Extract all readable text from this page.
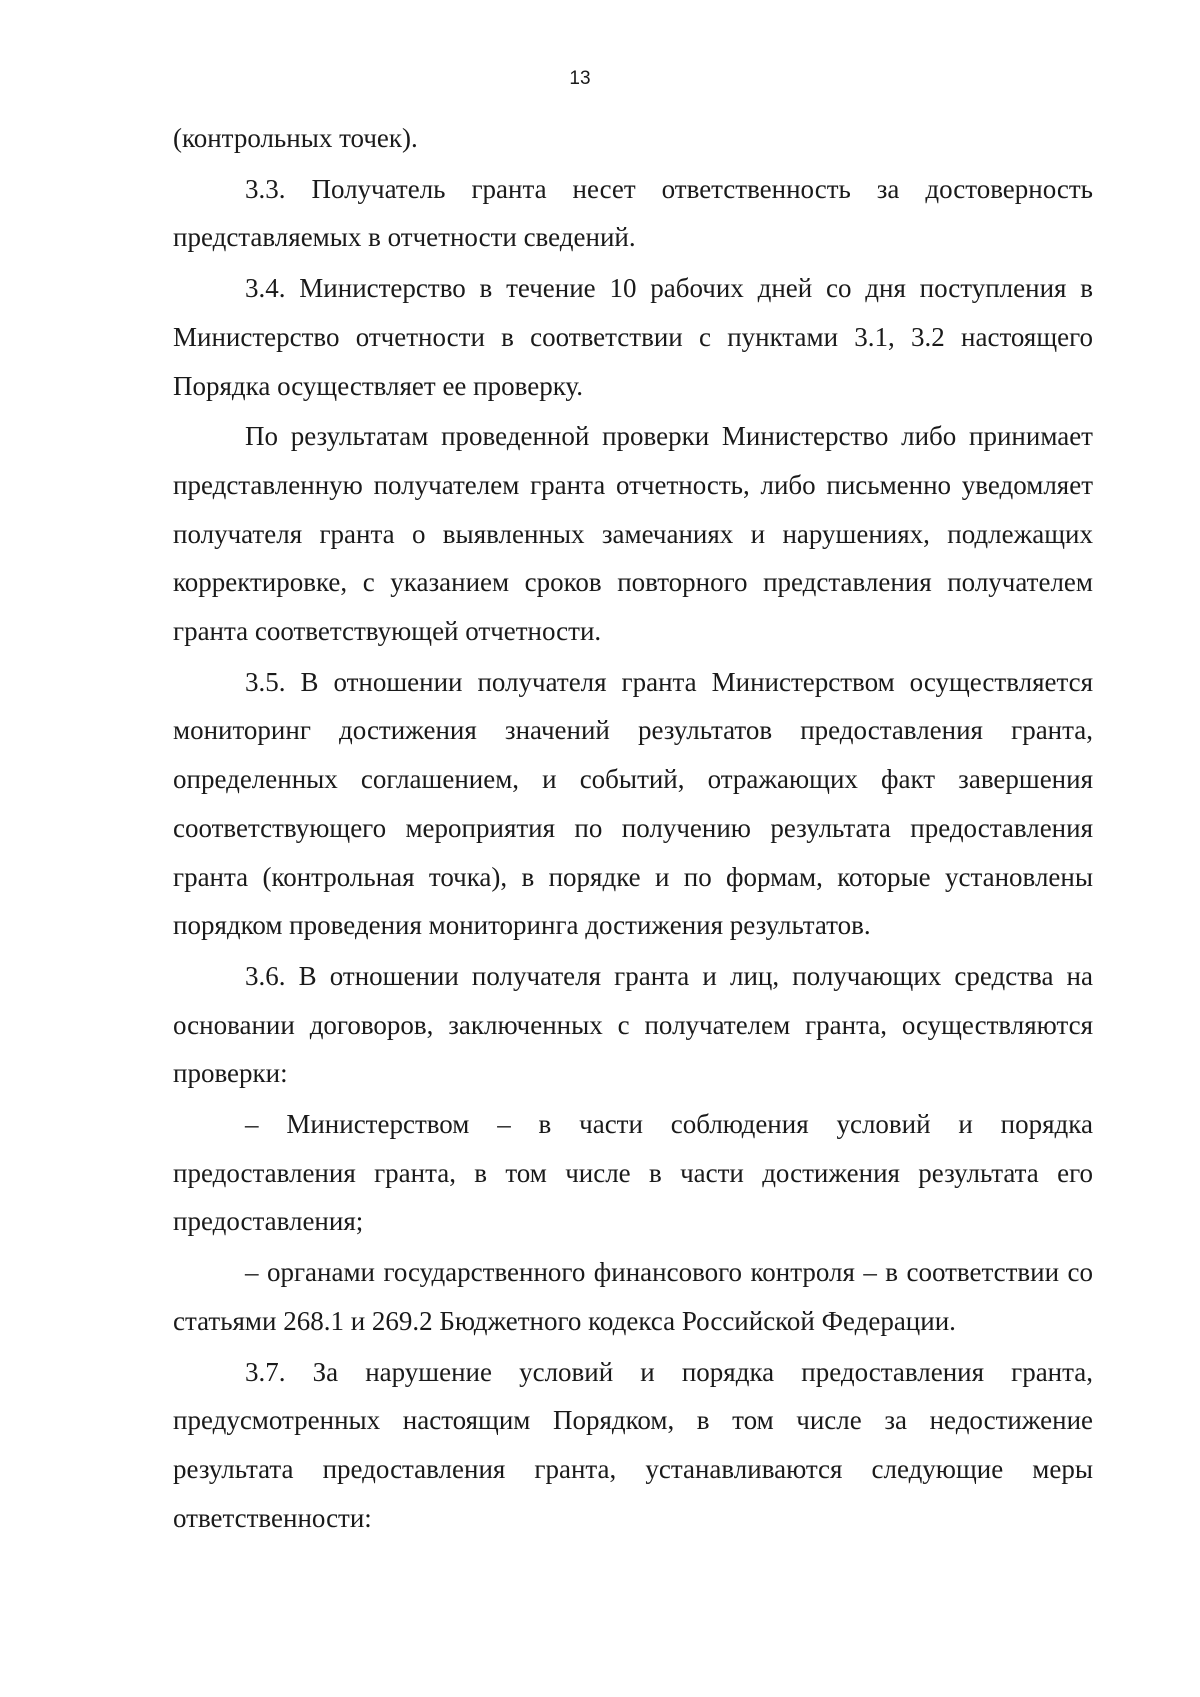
13

(контрольных точек).

3.3. Получатель гранта несет ответственность за достоверность представляемых в отчетности сведений.

3.4. Министерство в течение 10 рабочих дней со дня поступления в Министерство отчетности в соответствии с пунктами 3.1, 3.2 настоящего Порядка осуществляет ее проверку.

По результатам проведенной проверки Министерство либо принимает представленную получателем гранта отчетность, либо письменно уведомляет получателя гранта о выявленных замечаниях и нарушениях, подлежащих корректировке, с указанием сроков повторного представления получателем гранта соответствующей отчетности.

3.5. В отношении получателя гранта Министерством осуществляется мониторинг достижения значений результатов предоставления гранта, определенных соглашением, и событий, отражающих факт завершения соответствующего мероприятия по получению результата предоставления гранта (контрольная точка), в порядке и по формам, которые установлены порядком проведения мониторинга достижения результатов.

3.6. В отношении получателя гранта и лиц, получающих средства на основании договоров, заключенных с получателем гранта, осуществляются проверки:

– Министерством – в части соблюдения условий и порядка предоставления гранта, в том числе в части достижения результата его предоставления;

– органами государственного финансового контроля – в соответствии со статьями 268.1 и 269.2 Бюджетного кодекса Российской Федерации.

3.7. За нарушение условий и порядка предоставления гранта, предусмотренных настоящим Порядком, в том числе за недостижение результата предоставления гранта, устанавливаются следующие меры ответственности:
